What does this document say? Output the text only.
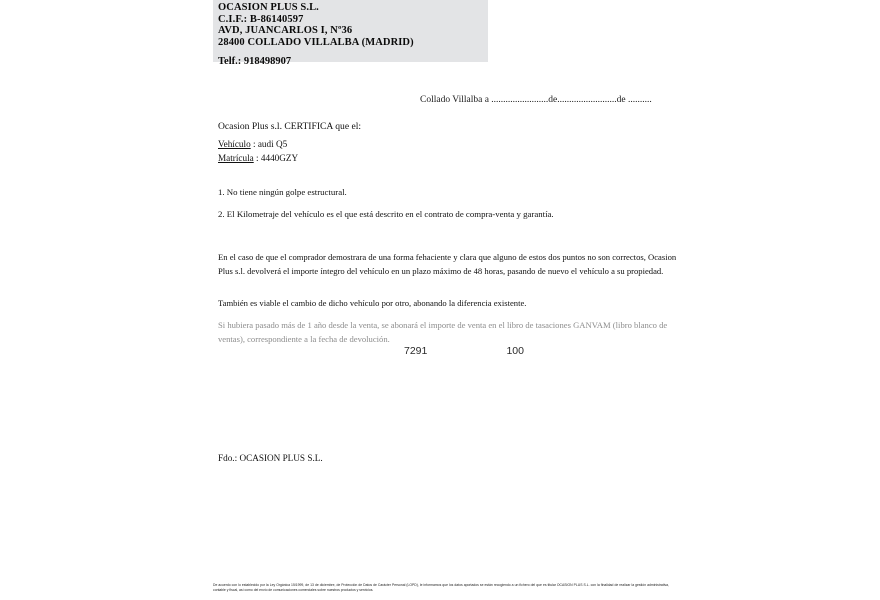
OCASION PLUS S.L.
C.I.F.: B-86140597
AVD, JUANCARLOS I, Nº36
28400 COLLADO VILLALBA (MADRID)
Telf.: 918498907
Collado Villalba a ........................de.........................de ..........
Ocasion Plus s.l. CERTIFICA que el:
Vehículo : audi Q5
Matrícula : 4440GZY
1. No tiene ningún golpe estructural.
2. El Kilometraje del vehículo es el que está descrito en el contrato de compra-venta y garantía.
En el caso de que el comprador demostrara de una forma fehaciente y clara que alguno de estos dos puntos no son correctos, Ocasion Plus s.l. devolverá el importe íntegro del vehículo en un plazo máximo de 48 horas, pasando de nuevo el vehículo a su propiedad.
También es viable el cambio de dicho vehículo por otro, abonando la diferencia existente.
Si hubiera pasado más de 1 año desde la venta, se abonará el importe de venta en el libro de tasaciones GANVAM (libro blanco de ventas), correspondiente a la fecha de devolución.
7291	100
Fdo.: OCASION PLUS S.L.
De acuerdo con lo establecido por la Ley Orgánica 15/1999, de 13 de diciembre, de Protección de Datos de Carácter Personal (LOPD), le informamos que los datos aportados se están recogiendo a un fichero del que es titular OCASION PLUS S.L. con la finalidad de realizar la gestión administrativa, contable y fiscal, así como del envío de comunicaciones comerciales sobre nuestros productos y servicios.
